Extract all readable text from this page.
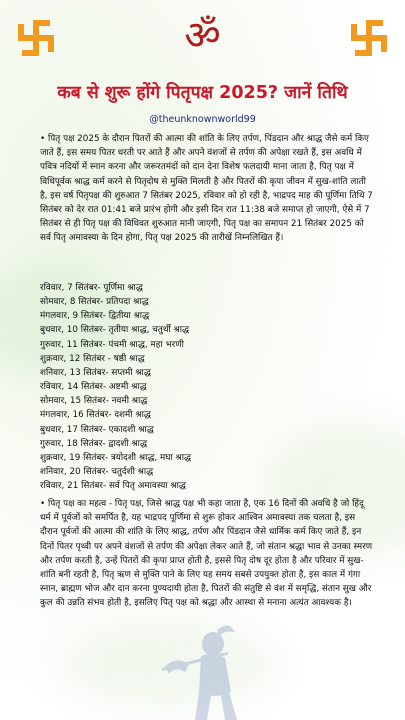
ॐ
कब से शुरू होंगे पितृपक्ष 2025? जानें तिथि
@theunknownworld99
• पितृ पक्ष 2025 के दौरान पितरों की आत्मा की शांति के लिए तर्पण, पिंडदान और श्राद्ध जैसे कर्म किए जाते हैं, इस समय पितर धरती पर आते हैं और अपने वंशजों से तर्पण की अपेक्षा रखते हैं, इस अवधि में पवित्र नदियों में स्नान करना और जरूरतमंदों को दान देना विशेष फलदायी माना जाता है, पितृ पक्ष में विधिपूर्वक श्राद्ध कर्म करने से पितृदोष से मुक्ति मिलती है और पितरों की कृपा जीवन में सुख-शांति लाती है, इस वर्ष पितृपक्ष की शुरुआत 7 सितंबर 2025, रविवार को हो रही है, भाद्रपद माह की पूर्णिमा तिथि 7 सितंबर को देर रात 01:41 बजे प्रारंभ होगी और इसी दिन रात 11:38 बजे समाप्त हो जाएगी, ऐसे में 7 सितंबर से ही पितृ पक्ष की विधिवत शुरुआत मानी जाएगी, पितृ पक्ष का समापन 21 सितंबर 2025 को सर्व पितृ अमावस्या के दिन होगा, पितृ पक्ष 2025 की तारीखें निम्नलिखित हैं।
रविवार, 7 सितंबर- पूर्णिमा श्राद्ध
सोमवार, 8 सितंबर- प्रतिपदा श्राद्ध
मंगलवार, 9 सितंबर- द्वितीया श्राद्ध
बुधवार, 10 सितंबर- तृतीया श्राद्ध, चतुर्थी श्राद्ध
गुरुवार, 11 सितंबर- पंचमी श्राद्ध, महा भरणी
शुक्रवार, 12 सितंबर - षष्ठी श्राद्ध
शनिवार, 13 सितंबर- सप्तमी श्राद्ध
रविवार, 14 सितंबर- अष्टमी श्राद्ध
सोमवार, 15 सितंबर- नवमी श्राद्ध
मंगलवार, 16 सितंबर- दशमी श्राद्ध
बुधवार, 17 सितंबर- एकादशी श्राद्ध
गुरुवार, 18 सितंबर- द्वादशी श्राद्ध
शुक्रवार, 19 सितंबर- त्रयोदशी श्राद्ध, मघा श्राद्ध
शनिवार, 20 सितंबर- चतुर्दशी श्राद्ध
रविवार, 21 सितंबर- सर्व पितृ अमावस्या श्राद्ध
• पितृ पक्ष का महत्व - पितृ पक्ष, जिसे श्राद्ध पक्ष भी कहा जाता है, एक 16 दिनों की अवधि है जो हिंदू धर्म में पूर्वजों को समर्पित है, यह भाद्रपद पूर्णिमा से शुरू होकर आश्विन अमावस्या तक चलता है, इस दौरान पूर्वजों की आत्मा की शांति के लिए श्राद्ध, तर्पण और पिंडदान जैसे धार्मिक कर्म किए जाते हैं, इन दिनों पितर पृथ्वी पर अपने वंशजों से तर्पण की अपेक्षा लेकर आते हैं, जो संतान श्रद्धा भाव से उनका स्मरण और तर्पण करती है, उन्हें पितरों की कृपा प्राप्त होती है, इससे पितृ दोष दूर होता है और परिवार में सुख-शांति बनी रहती है, पितृ ऋण से मुक्ति पाने के लिए यह समय सबसे उपयुक्त होता है, इस काल में गंगा स्नान, ब्राह्मण भोज और दान करना पुण्यदायी होता है, पितरों की संतुष्टि से वंश में समृद्धि, संतान सुख और कुल की उन्नति संभव होती है, इसलिए पितृ पक्ष को श्रद्धा और आस्था से मनाना अत्यंत आवश्यक है।
